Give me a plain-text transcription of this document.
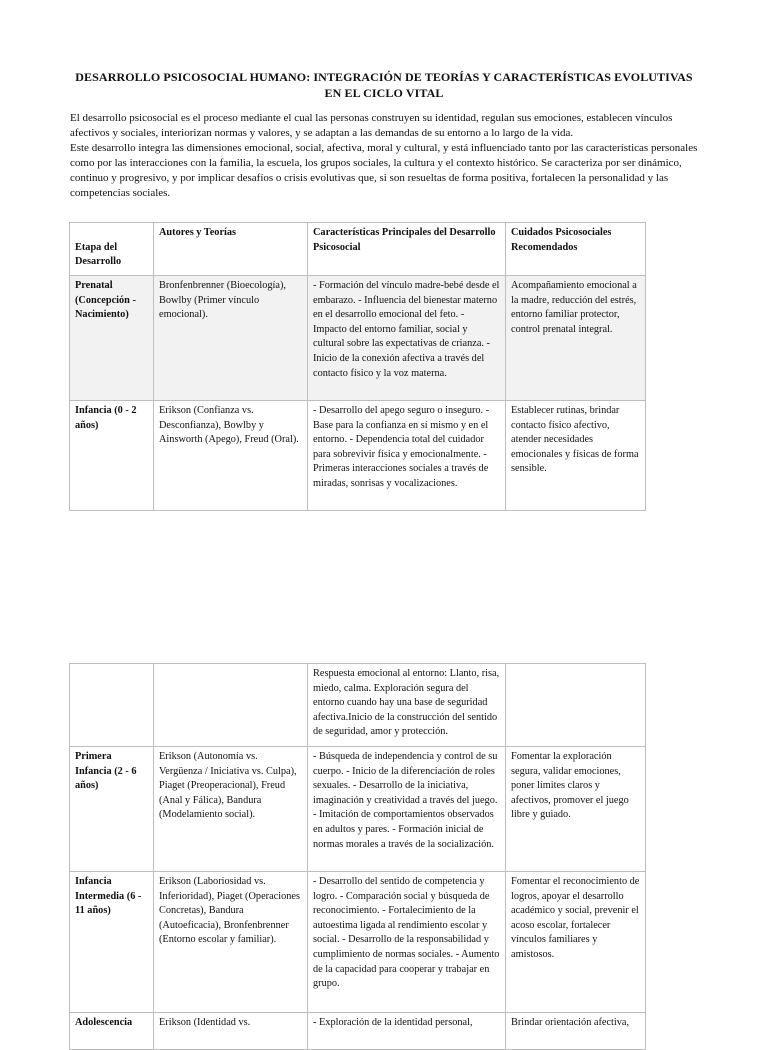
DESARROLLO PSICOSOCIAL HUMANO: INTEGRACIÓN DE TEORÍAS Y CARACTERÍSTICAS EVOLUTIVAS EN EL CICLO VITAL

El desarrollo psicosocial es el proceso mediante el cual las personas construyen su identidad, regulan sus emociones, establecen vínculos afectivos y sociales, interiorizan normas y valores, y se adaptan a las demandas de su entorno a lo largo de la vida.

Este desarrollo integra las dimensiones emocional, social, afectiva, moral y cultural, y está influenciado tanto por las características personales como por las interacciones con la familia, la escuela, los grupos sociales, la cultura y el contexto histórico. Se caracteriza por ser dinámico, continuo y progresivo, y por implicar desafíos o crisis evolutivas que, si son resueltas de forma positiva, fortalecen la personalidad y las competencias sociales.

Etapa del Desarrollo	Autores y Teorías	Características Principales del Desarrollo Psicosocial	Cuidados Psicosociales Recomendados
Prenatal (Concepción - Nacimiento)	Bronfenbrenner (Bioecología), Bowlby (Primer vínculo emocional).	- Formación del vínculo madre-bebé desde el embarazo. - Influencia del bienestar materno en el desarrollo emocional del feto. - Impacto del entorno familiar, social y cultural sobre las expectativas de crianza. - Inicio de la conexión afectiva a través del contacto físico y la voz materna.	Acompañamiento emocional a la madre, reducción del estrés, entorno familiar protector, control prenatal integral.
Infancia (0 - 2 años)	Erikson (Confianza vs. Desconfianza), Bowlby y Ainsworth (Apego), Freud (Oral).	- Desarrollo del apego seguro o inseguro. - Base para la confianza en sí mismo y en el entorno. - Dependencia total del cuidador para sobrevivir física y emocionalmente. - Primeras interacciones sociales a través de miradas, sonrisas y vocalizaciones.	Establecer rutinas, brindar contacto físico afectivo, atender necesidades emocionales y físicas de forma sensible.
		Respuesta emocional al entorno: Llanto, risa, miedo, calma. Exploración segura del entorno cuando hay una base de seguridad afectiva.Inicio de la construcción del sentido de seguridad, amor y protección.	
Primera Infancia (2 - 6 años)	Erikson (Autonomía vs. Vergüenza / Iniciativa vs. Culpa), Piaget (Preoperacional), Freud (Anal y Fálica), Bandura (Modelamiento social).	- Búsqueda de independencia y control de su cuerpo. - Inicio de la diferenciación de roles sexuales. - Desarrollo de la iniciativa, imaginación y creatividad a través del juego. - Imitación de comportamientos observados en adultos y pares. - Formación inicial de normas morales a través de la socialización.	Fomentar la exploración segura, validar emociones, poner límites claros y afectivos, promover el juego libre y guiado.
Infancia Intermedia (6 - 11 años)	Erikson (Laboriosidad vs. Inferioridad), Piaget (Operaciones Concretas), Bandura (Autoeficacia), Bronfenbrenner (Entorno escolar y familiar).	- Desarrollo del sentido de competencia y logro. - Comparación social y búsqueda de reconocimiento. - Fortalecimiento de la autoestima ligada al rendimiento escolar y social. - Desarrollo de la responsabilidad y cumplimiento de normas sociales. - Aumento de la capacidad para cooperar y trabajar en grupo.	Fomentar el reconocimiento de logros, apoyar el desarrollo académico y social, prevenir el acoso escolar, fortalecer vínculos familiares y amistosos.
Adolescencia	Erikson (Identidad vs.	- Exploración de la identidad personal,	Brindar orientación afectiva,
